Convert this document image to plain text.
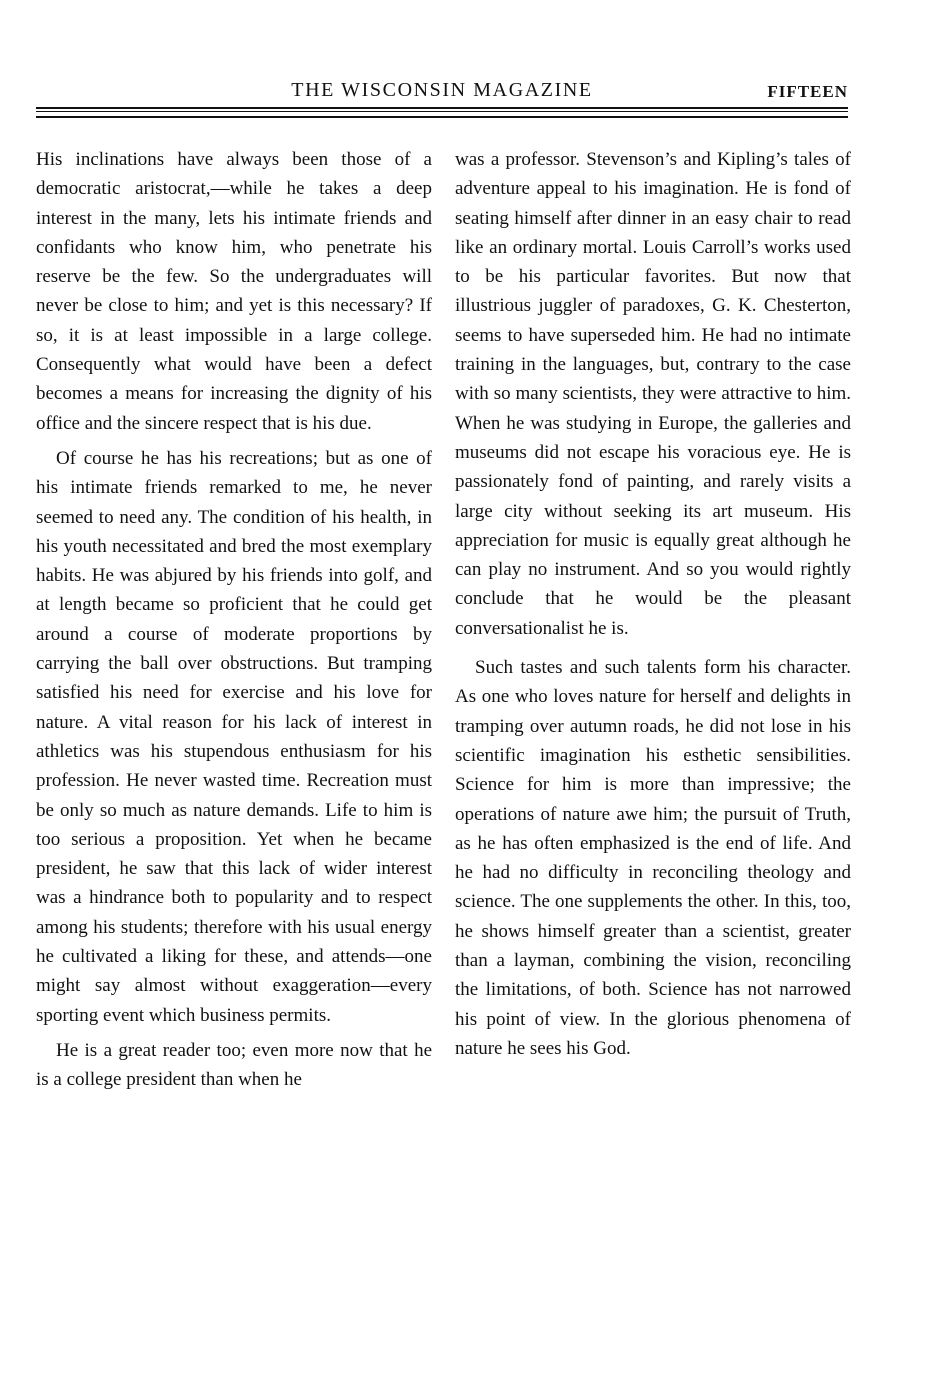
THE WISCONSIN MAGAZINE	FIFTEEN

His inclinations have always been those of a democratic aristocrat,—while he takes a deep interest in the many, lets his intimate friends and confidants who know him, who penetrate his reserve be the few. So the undergraduates will never be close to him; and yet is this necessary? If so, it is at least impossible in a large college. Consequently what would have been a defect becomes a means for increasing the dignity of his office and the sincere respect that is his due.

Of course he has his recreations; but as one of his intimate friends remarked to me, he never seemed to need any. The condition of his health, in his youth necessitated and bred the most exemplary habits. He was abjured by his friends into golf, and at length became so proficient that he could get around a course of moderate proportions by carrying the ball over obstructions. But tramping satisfied his need for exercise and his love for nature. A vital reason for his lack of interest in athletics was his stupendous enthusiasm for his profession. He never wasted time. Recreation must be only so much as nature demands. Life to him is too serious a proposition. Yet when he became president, he saw that this lack of wider interest was a hindrance both to popularity and to respect among his students; therefore with his usual energy he cultivated a liking for these, and attends—one might say almost without exaggeration—every sporting event which business permits.

He is a great reader too; even more now that he is a college president than when he

was a professor. Stevenson’s and Kipling’s tales of adventure appeal to his imagination. He is fond of seating himself after dinner in an easy chair to read like an ordinary mortal. Louis Carroll’s works used to be his particular favorites. But now that illustrious juggler of paradoxes, G. K. Chesterton, seems to have superseded him. He had no intimate training in the languages, but, contrary to the case with so many scientists, they were attractive to him. When he was studying in Europe, the galleries and museums did not escape his voracious eye. He is passionately fond of painting, and rarely visits a large city without seeking its art museum. His appreciation for music is equally great although he can play no instrument. And so you would rightly conclude that he would be the pleasant conversationalist he is.

Such tastes and such talents form his character. As one who loves nature for herself and delights in tramping over autumn roads, he did not lose in his scientific imagination his esthetic sensibilities. Science for him is more than impressive; the operations of nature awe him; the pursuit of Truth, as he has often emphasized is the end of life. And he had no difficulty in reconciling theology and science. The one supplements the other. In this, too, he shows himself greater than a scientist, greater than a layman, combining the vision, reconciling the limitations, of both. Science has not narrowed his point of view. In the glorious phenomena of nature he sees his God.
